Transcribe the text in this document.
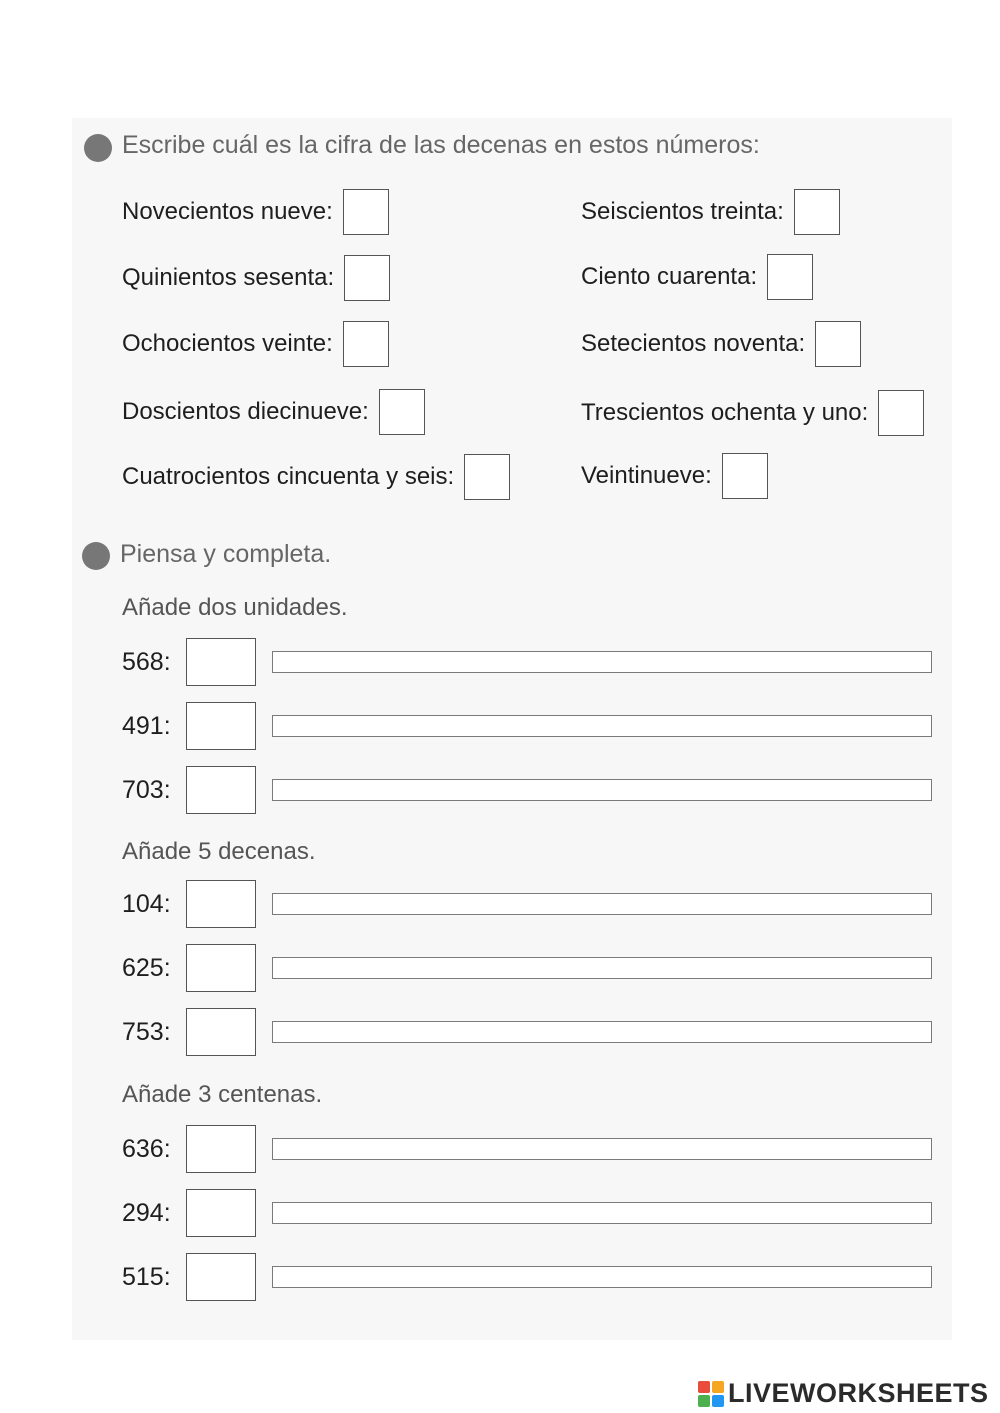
Escribe cuál es la cifra de las decenas en estos números:
Novecientos nueve:
Quinientos sesenta:
Ochocientos veinte:
Doscientos diecinueve:
Cuatrocientos cincuenta y seis:
Seiscientos treinta:
Ciento cuarenta:
Setecientos noventa:
Trescientos ochenta y uno:
Veintinueve:
Piensa y completa.
Añade dos unidades.
568:
491:
703:
Añade 5 decenas.
104:
625:
753:
Añade 3 centenas.
636:
294:
515:
LIVEWORKSHEETS
